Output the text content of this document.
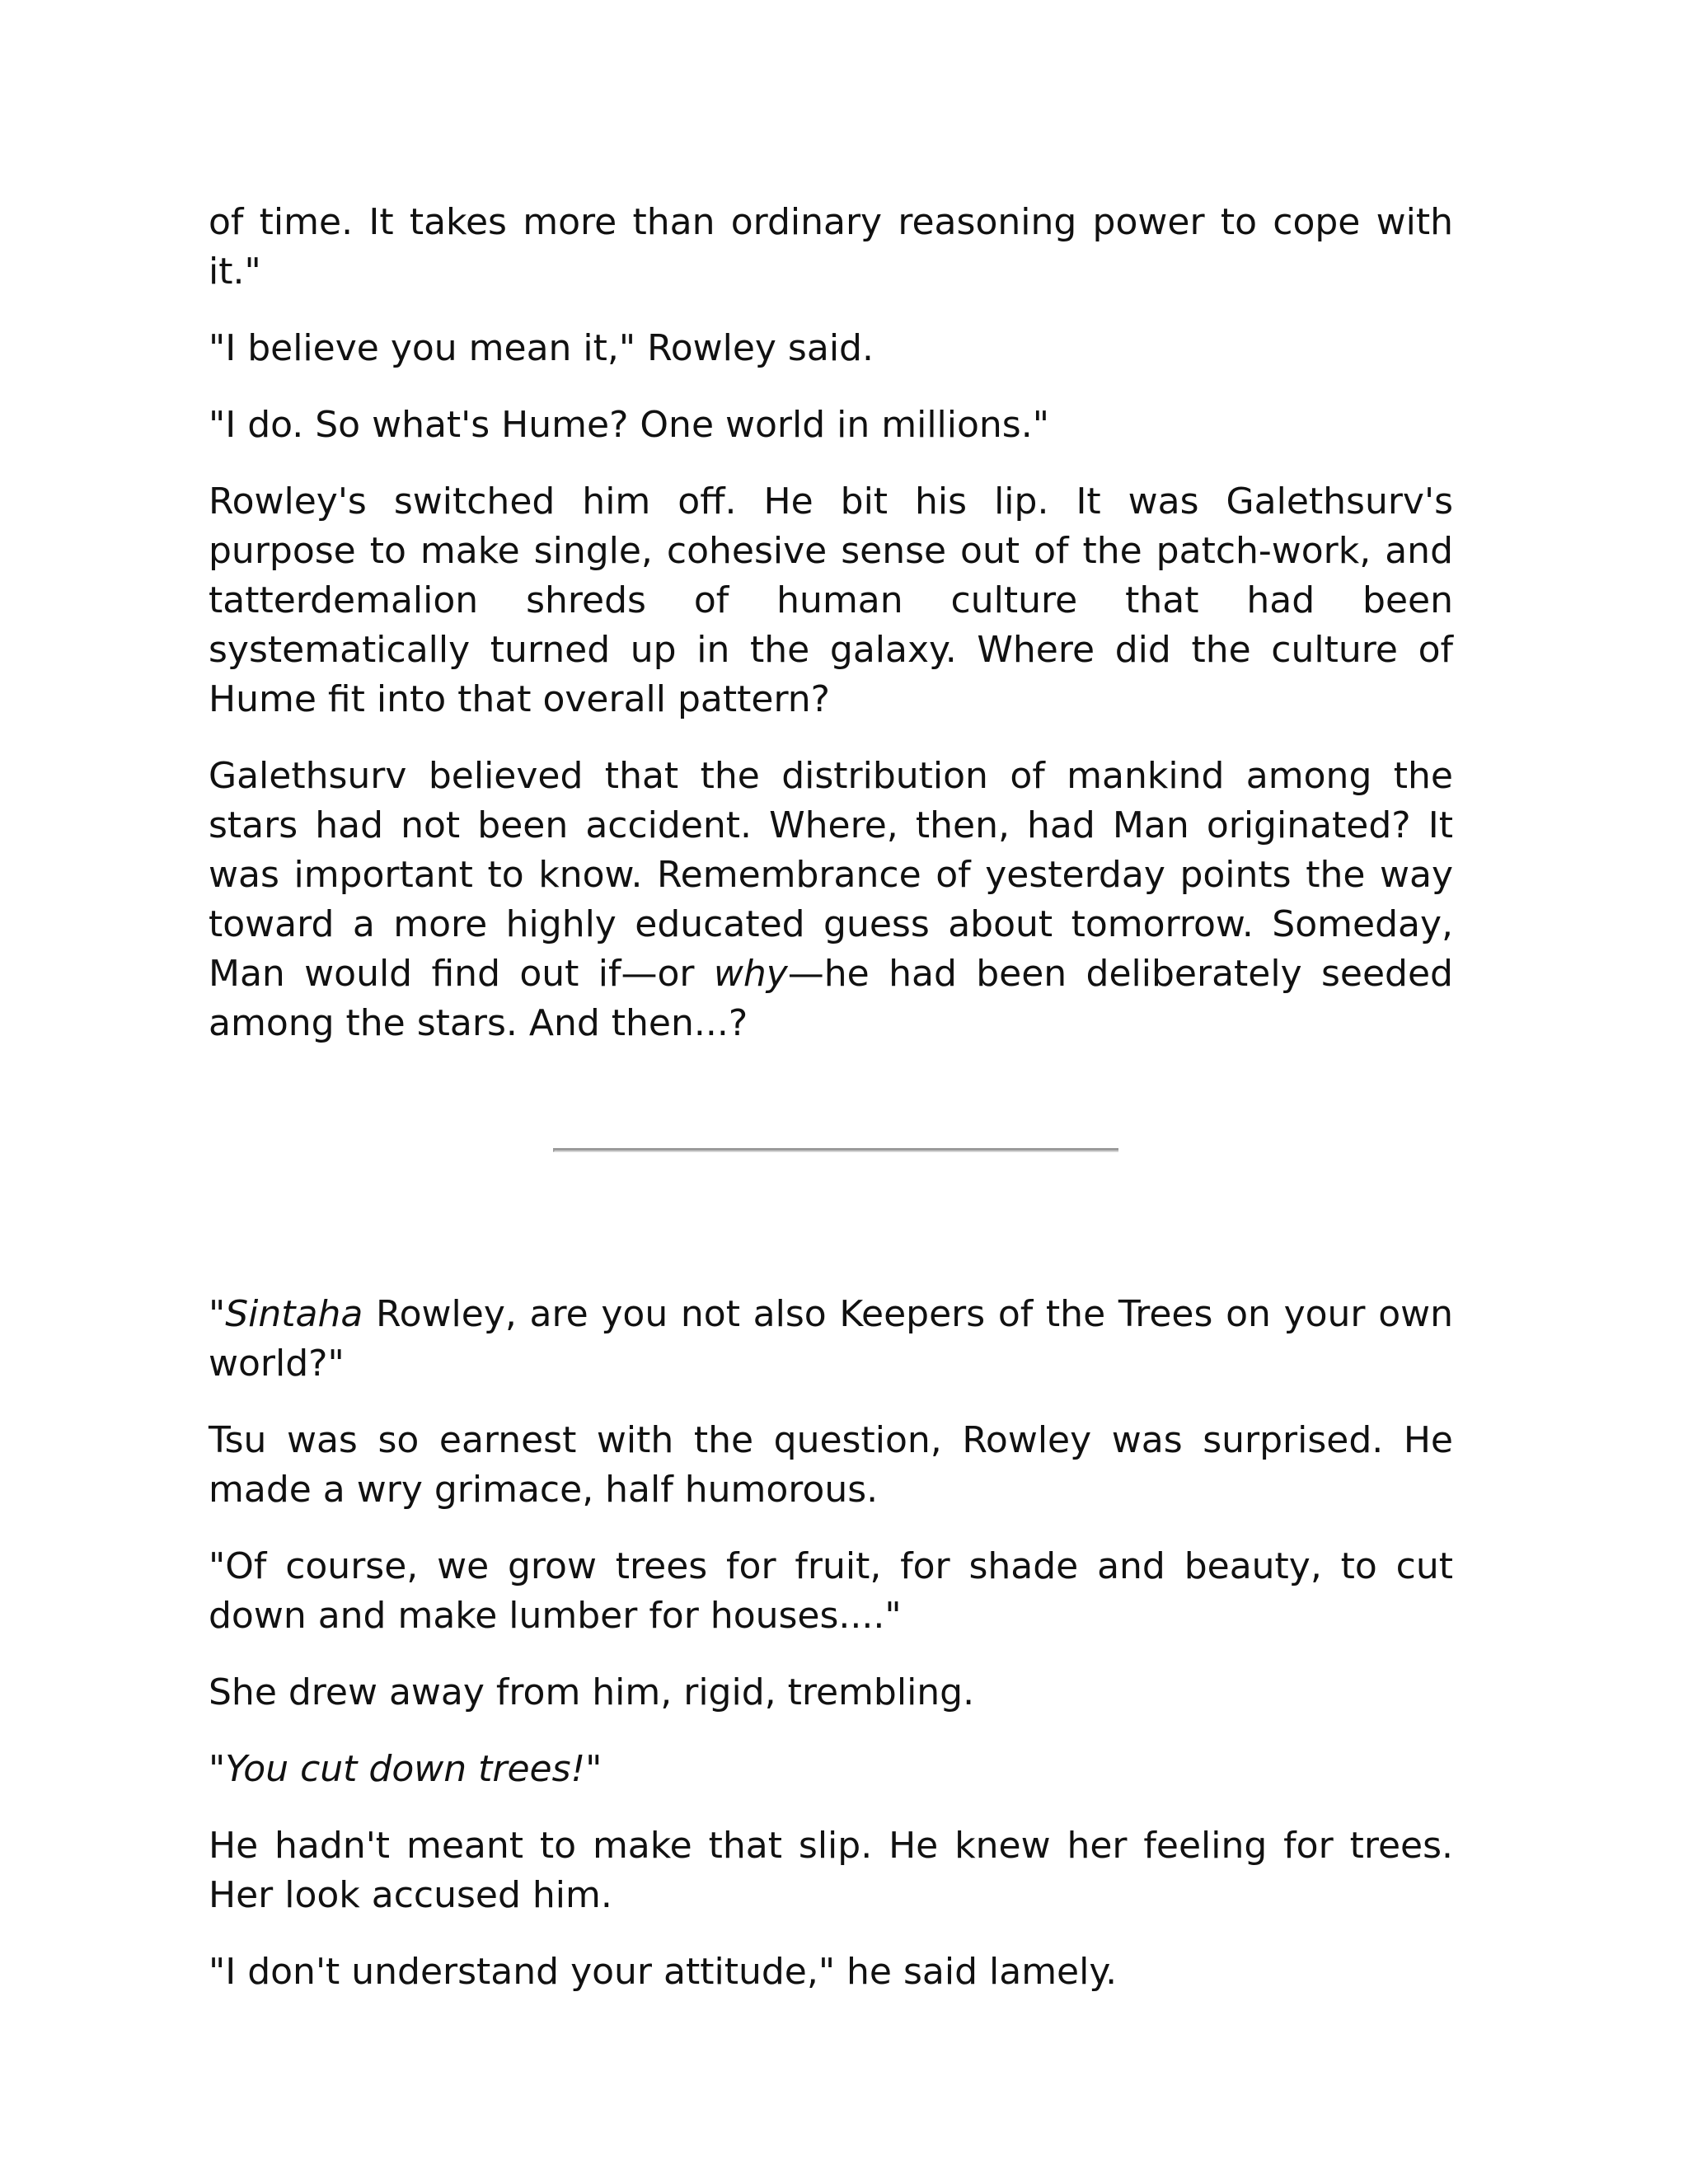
of time. It takes more than ordinary reasoning power to cope with it."

"I believe you mean it," Rowley said.

"I do. So what's Hume? One world in millions."

Rowley's switched him off. He bit his lip. It was Galethsurv's purpose to make single, cohesive sense out of the patch-work, and tatterdemalion shreds of human culture that had been systematically turned up in the galaxy. Where did the culture of Hume fit into that overall pattern?

Galethsurv believed that the distribution of mankind among the stars had not been accident. Where, then, had Man originated? It was important to know. Remembrance of yesterday points the way toward a more highly educated guess about tomorrow. Someday, Man would find out if—or why—he had been deliberately seeded among the stars. And then...?

"Sintaha Rowley, are you not also Keepers of the Trees on your own world?"

Tsu was so earnest with the question, Rowley was surprised. He made a wry grimace, half humorous.

"Of course, we grow trees for fruit, for shade and beauty, to cut down and make lumber for houses...."

She drew away from him, rigid, trembling.

"You cut down trees!"

He hadn't meant to make that slip. He knew her feeling for trees. Her look accused him.

"I don't understand your attitude," he said lamely.
